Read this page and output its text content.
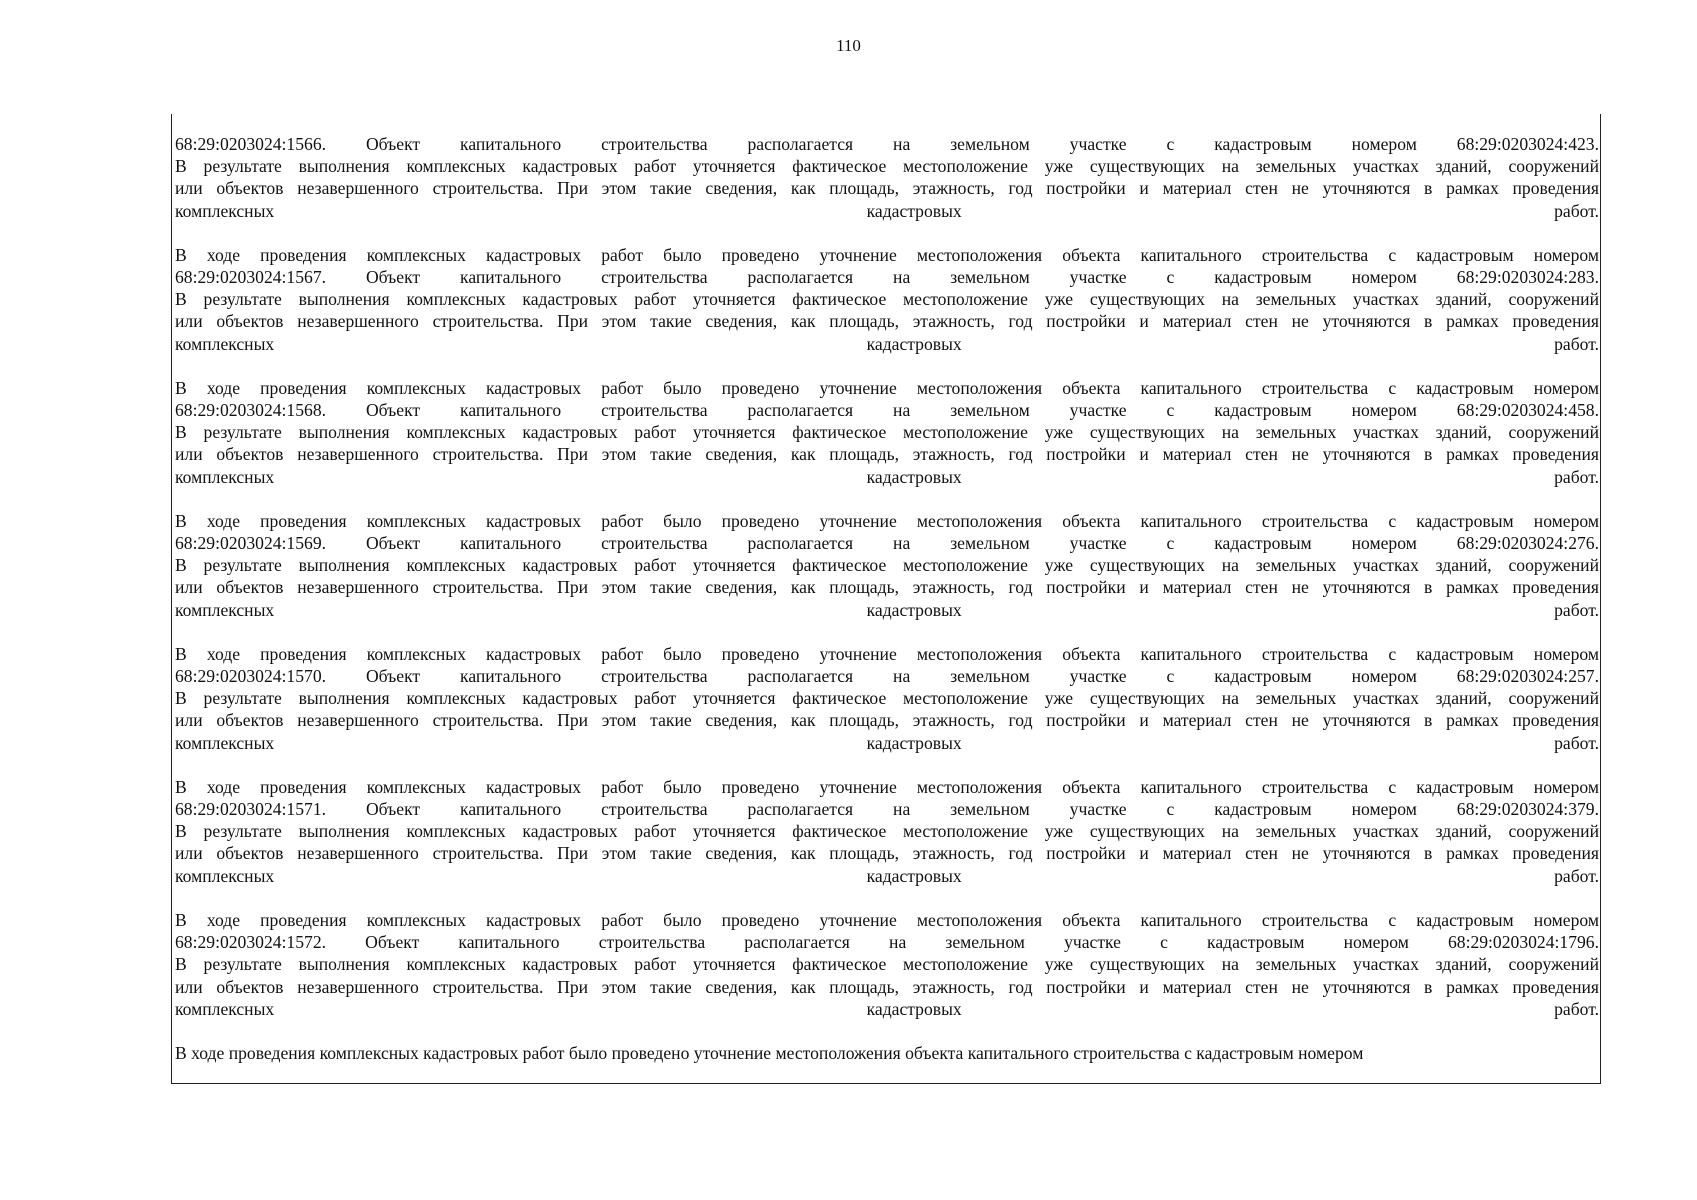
110
68:29:0203024:1566. Объект капитального строительства располагается на земельном участке с кадастровым номером 68:29:0203024:423.
В результате выполнения комплексных кадастровых работ уточняется фактическое местоположение уже существующих на земельных участках зданий, сооружений
или объектов незавершенного строительства. При этом такие сведения, как площадь, этажность, год постройки и материал стен не уточняются в рамках проведения
комплексных кадастровых работ.
В ходе проведения комплексных кадастровых работ было проведено уточнение местоположения объекта капитального строительства с кадастровым номером
68:29:0203024:1567. Объект капитального строительства располагается на земельном участке с кадастровым номером 68:29:0203024:283.
В результате выполнения комплексных кадастровых работ уточняется фактическое местоположение уже существующих на земельных участках зданий, сооружений
или объектов незавершенного строительства. При этом такие сведения, как площадь, этажность, год постройки и материал стен не уточняются в рамках проведения
комплексных кадастровых работ.
В ходе проведения комплексных кадастровых работ было проведено уточнение местоположения объекта капитального строительства с кадастровым номером
68:29:0203024:1568. Объект капитального строительства располагается на земельном участке с кадастровым номером 68:29:0203024:458.
В результате выполнения комплексных кадастровых работ уточняется фактическое местоположение уже существующих на земельных участках зданий, сооружений
или объектов незавершенного строительства. При этом такие сведения, как площадь, этажность, год постройки и материал стен не уточняются в рамках проведения
комплексных кадастровых работ.
В ходе проведения комплексных кадастровых работ было проведено уточнение местоположения объекта капитального строительства с кадастровым номером
68:29:0203024:1569. Объект капитального строительства располагается на земельном участке с кадастровым номером 68:29:0203024:276.
В результате выполнения комплексных кадастровых работ уточняется фактическое местоположение уже существующих на земельных участках зданий, сооружений
или объектов незавершенного строительства. При этом такие сведения, как площадь, этажность, год постройки и материал стен не уточняются в рамках проведения
комплексных кадастровых работ.
В ходе проведения комплексных кадастровых работ было проведено уточнение местоположения объекта капитального строительства с кадастровым номером
68:29:0203024:1570. Объект капитального строительства располагается на земельном участке с кадастровым номером 68:29:0203024:257.
В результате выполнения комплексных кадастровых работ уточняется фактическое местоположение уже существующих на земельных участках зданий, сооружений
или объектов незавершенного строительства. При этом такие сведения, как площадь, этажность, год постройки и материал стен не уточняются в рамках проведения
комплексных кадастровых работ.
В ходе проведения комплексных кадастровых работ было проведено уточнение местоположения объекта капитального строительства с кадастровым номером
68:29:0203024:1571. Объект капитального строительства располагается на земельном участке с кадастровым номером 68:29:0203024:379.
В результате выполнения комплексных кадастровых работ уточняется фактическое местоположение уже существующих на земельных участках зданий, сооружений
или объектов незавершенного строительства. При этом такие сведения, как площадь, этажность, год постройки и материал стен не уточняются в рамках проведения
комплексных кадастровых работ.
В ходе проведения комплексных кадастровых работ было проведено уточнение местоположения объекта капитального строительства с кадастровым номером
68:29:0203024:1572. Объект капитального строительства располагается на земельном участке с кадастровым номером 68:29:0203024:1796.
В результате выполнения комплексных кадастровых работ уточняется фактическое местоположение уже существующих на земельных участках зданий, сооружений
или объектов незавершенного строительства. При этом такие сведения, как площадь, этажность, год постройки и материал стен не уточняются в рамках проведения
комплексных кадастровых работ.
В ходе проведения комплексных кадастровых работ было проведено уточнение местоположения объекта капитального строительства с кадастровым номером
